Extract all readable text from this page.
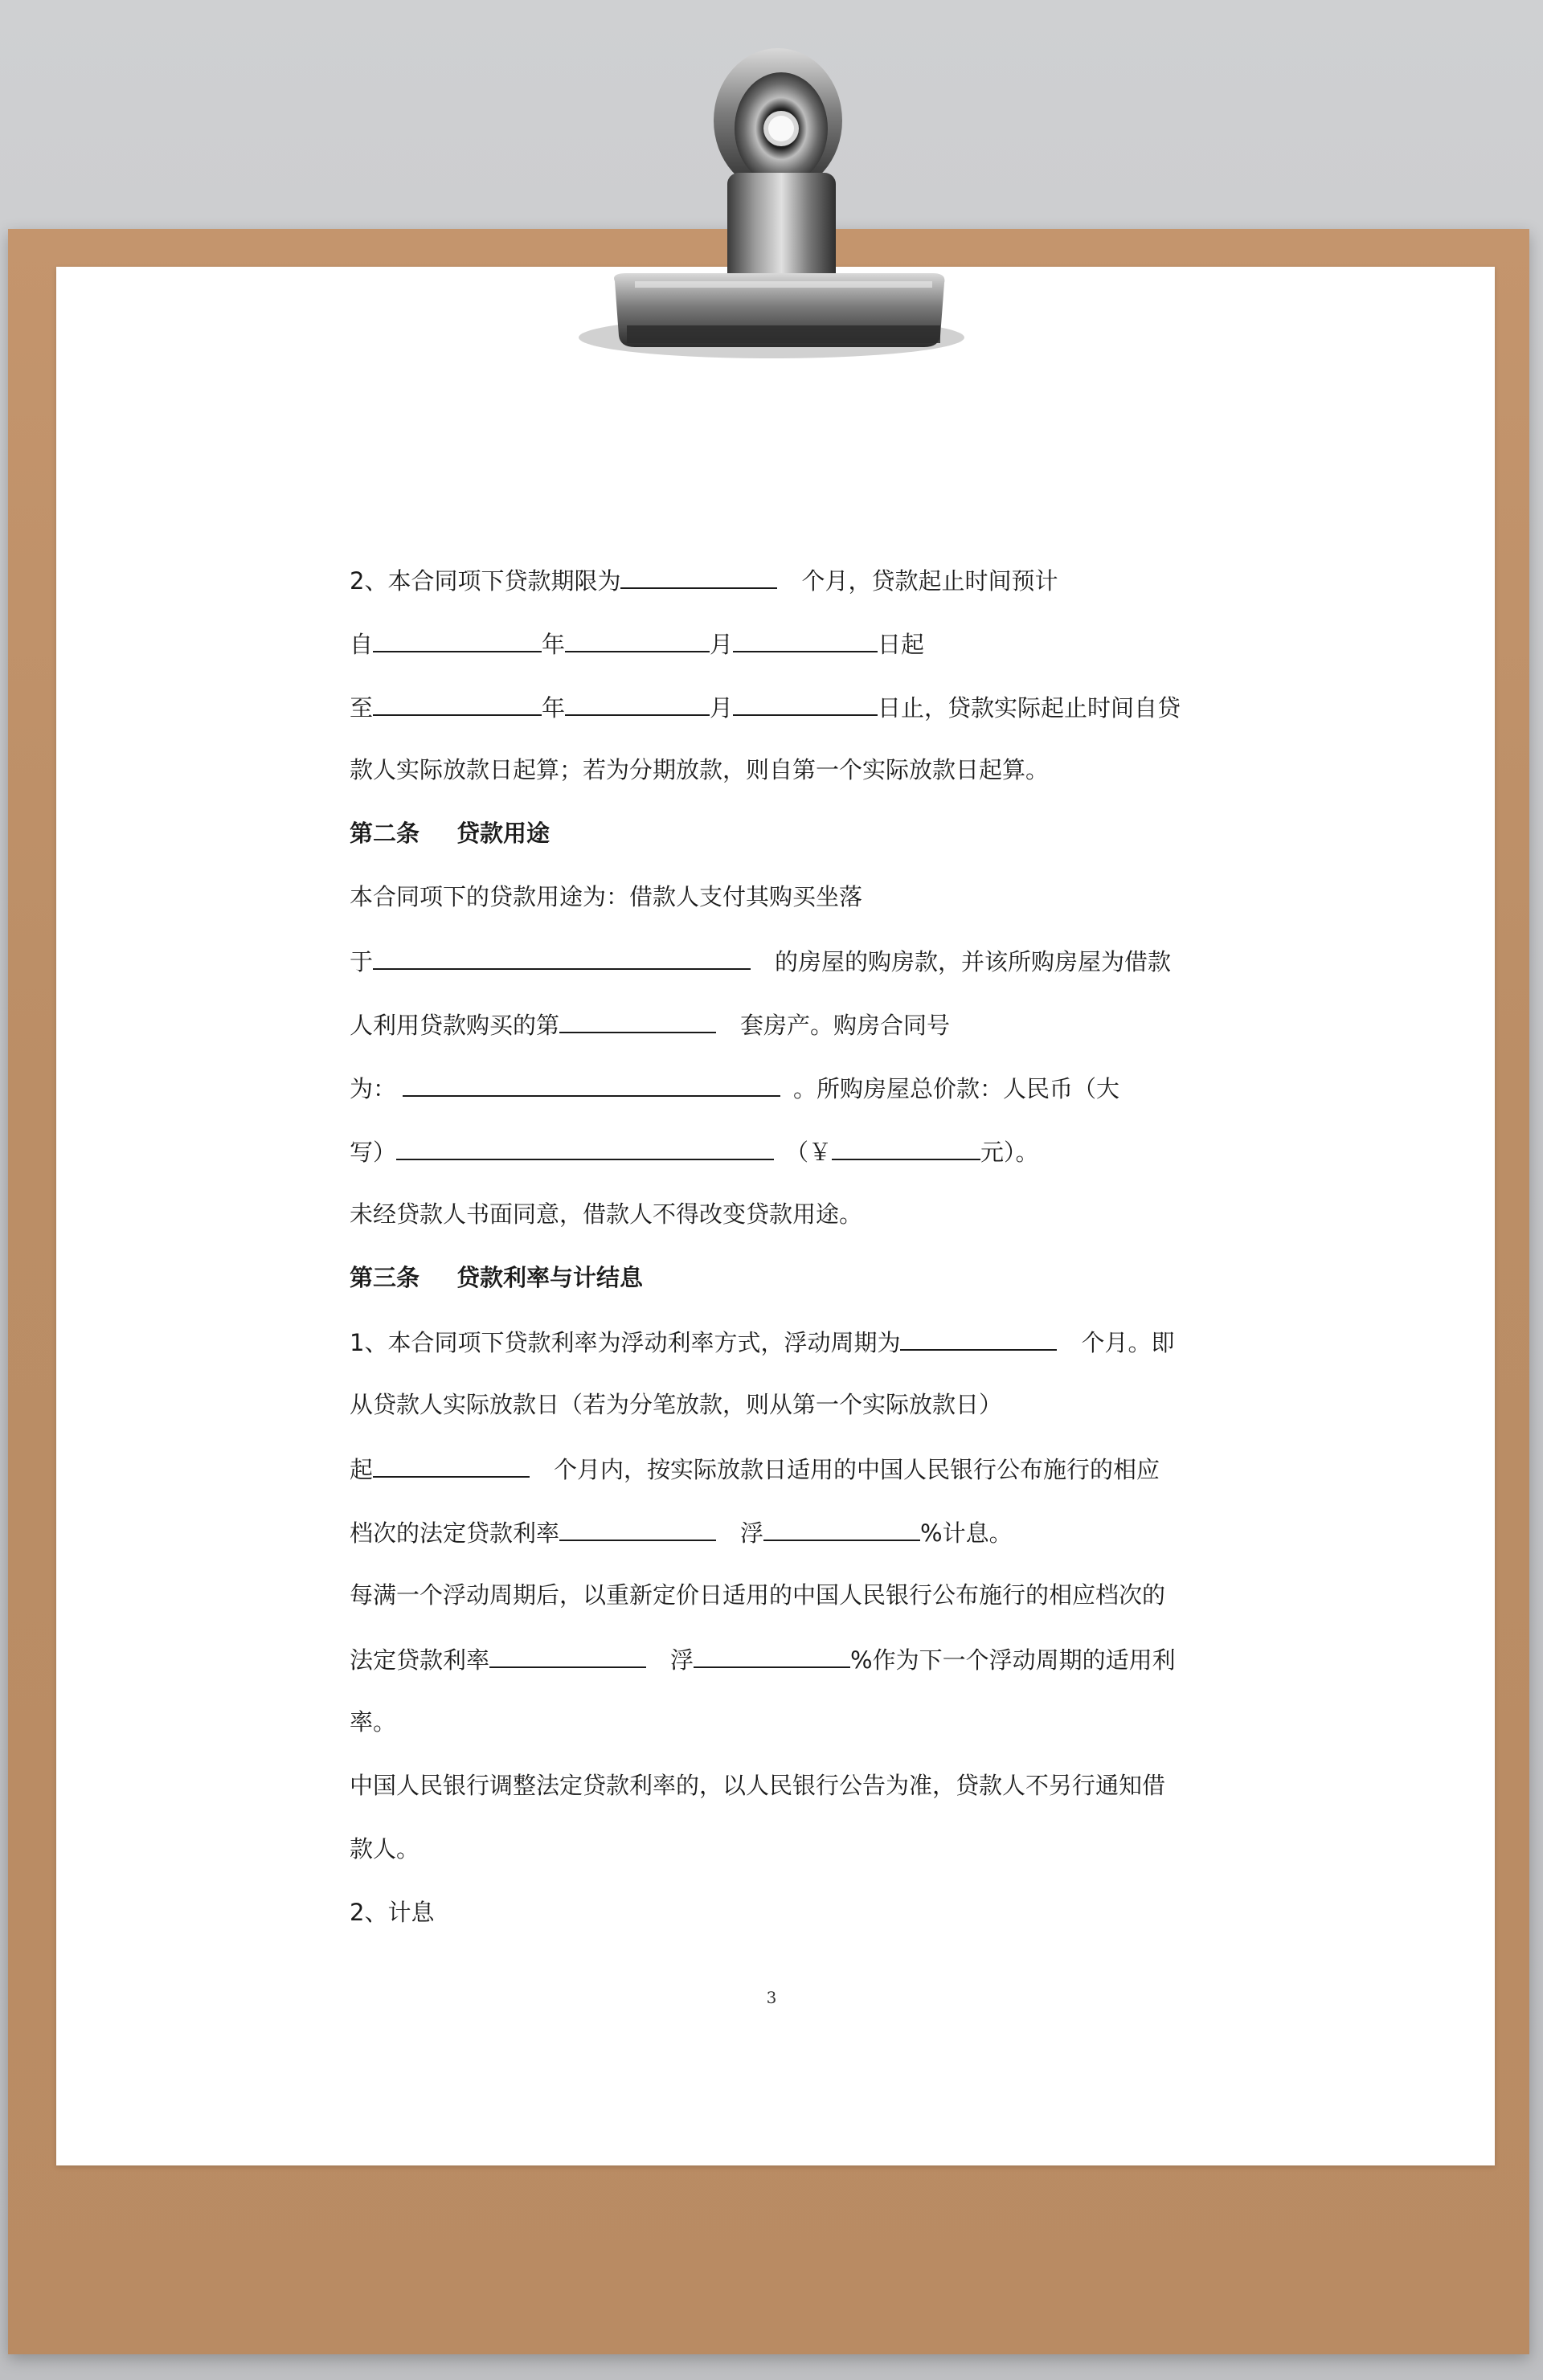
2、本合同项下贷款期限为	个月，贷款起止时间预计
自	年	月	日起
至	年	月	日止，贷款实际起止时间自贷
款人实际放款日起算；若为分期放款，则自第一个实际放款日起算。
第二条 贷款用途
本合同项下的贷款用途为：借款人支付其购买坐落
于	的房屋的购房款，并该所购房屋为借款
人利用贷款购买的第	套房产。购房合同号
为：	。所购房屋总价款：人民币（大
写）	（￥	元）。
未经贷款人书面同意，借款人不得改变贷款用途。
第三条 贷款利率与计结息
1、本合同项下贷款利率为浮动利率方式，浮动周期为	个月。即
从贷款人实际放款日（若为分笔放款，则从第一个实际放款日）
起	个月内，按实际放款日适用的中国人民银行公布施行的相应
档次的法定贷款利率	浮	%计息。
每满一个浮动周期后，以重新定价日适用的中国人民银行公布施行的相应档次的
法定贷款利率	浮	%作为下一个浮动周期的适用利
率。
中国人民银行调整法定贷款利率的，以人民银行公告为准，贷款人不另行通知借
款人。
2、计息
3
